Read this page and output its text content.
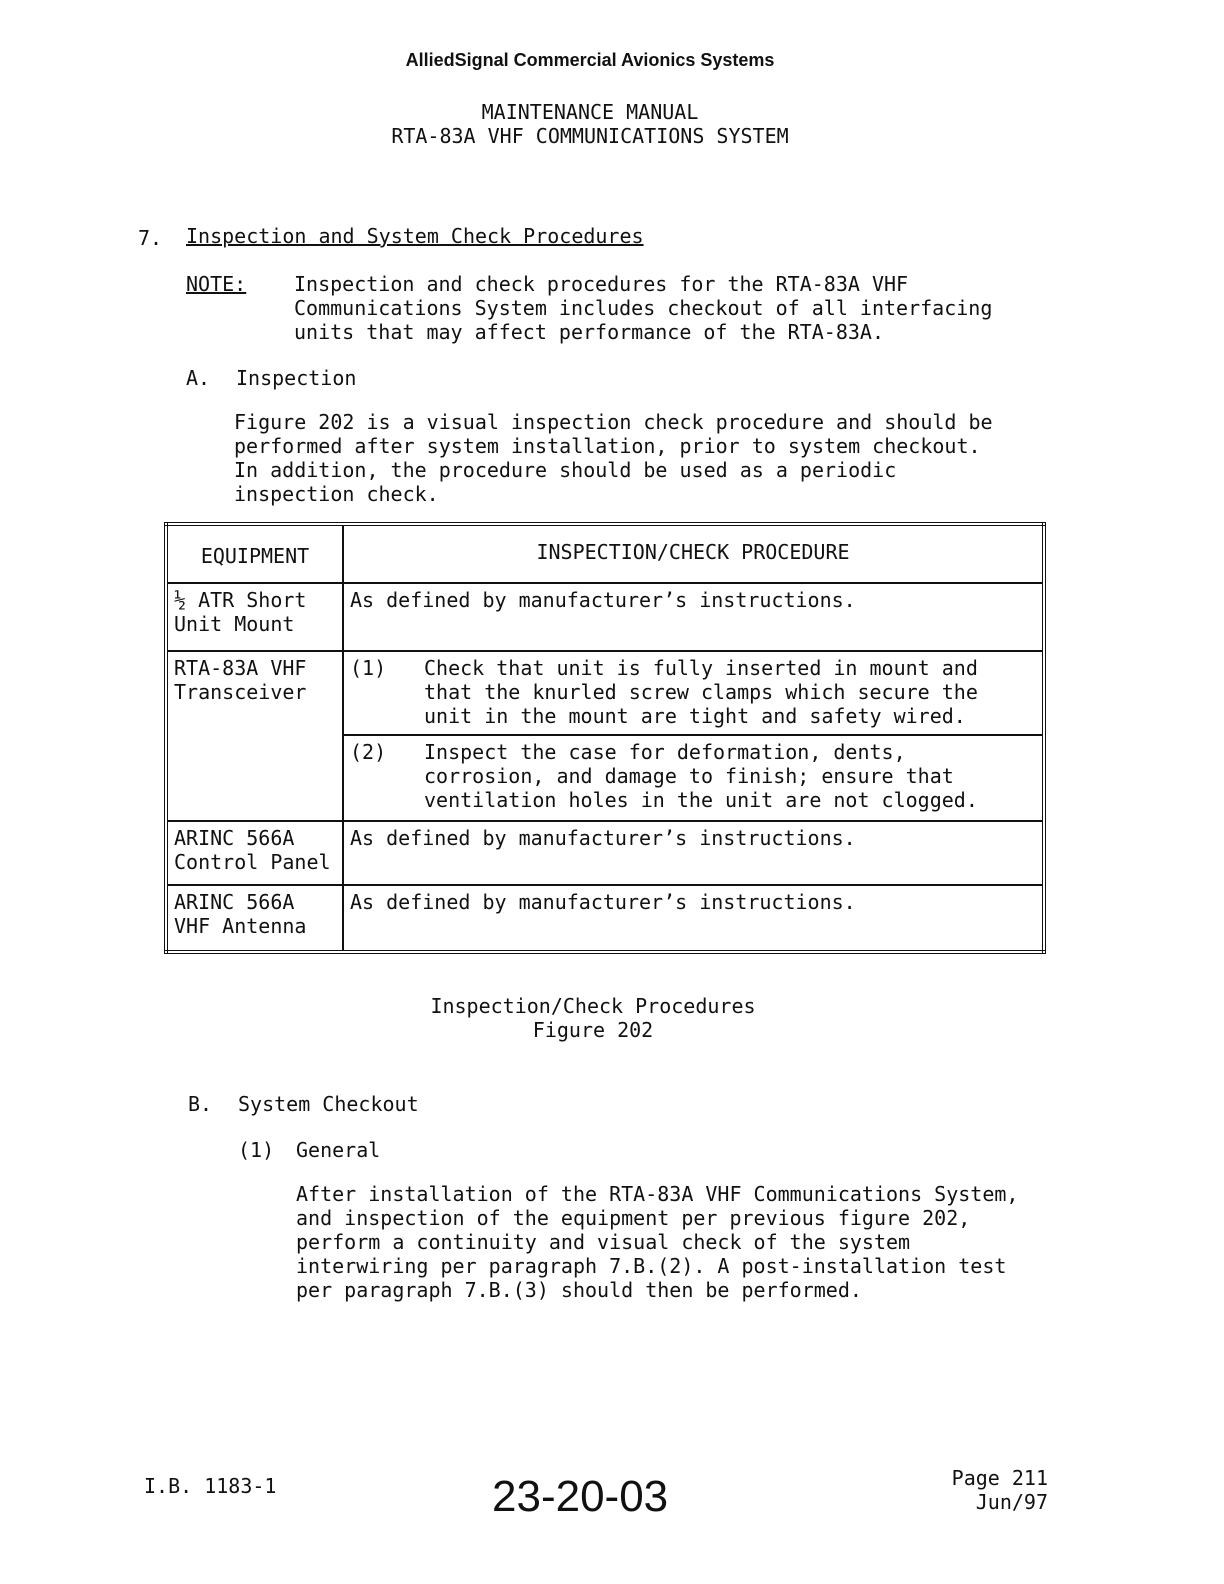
AlliedSignal Commercial Avionics Systems
MAINTENANCE MANUAL
RTA-83A VHF COMMUNICATIONS SYSTEM
7. Inspection and System Check Procedures
NOTE: Inspection and check procedures for the RTA-83A VHF Communications System includes checkout of all interfacing units that may affect performance of the RTA-83A.
A. Inspection
Figure 202 is a visual inspection check procedure and should be performed after system installation, prior to system checkout. In addition, the procedure should be used as a periodic inspection check.
EQUIPMENT	INSPECTION/CHECK PROCEDURE
½ ATR Short Unit Mount	As defined by manufacturer’s instructions.
RTA-83A VHF Transceiver	(1) Check that unit is fully inserted in mount and that the knurled screw clamps which secure the unit in the mount are tight and safety wired.

	(2) Inspect the case for deformation, dents, corrosion, and damage to finish; ensure that ventilation holes in the unit are not clogged.

ARINC 566A Control Panel	As defined by manufacturer’s instructions.
ARINC 566A VHF Antenna	As defined by manufacturer’s instructions.
Inspection/Check Procedures
Figure 202
B. System Checkout
(1) General
After installation of the RTA-83A VHF Communications System, and inspection of the equipment per previous figure 202, perform a continuity and visual check of the system interwiring per paragraph 7.B.(2). A post-installation test per paragraph 7.B.(3) should then be performed.
I.B. 1183-1	23-20-03	Page 211
Jun/97
